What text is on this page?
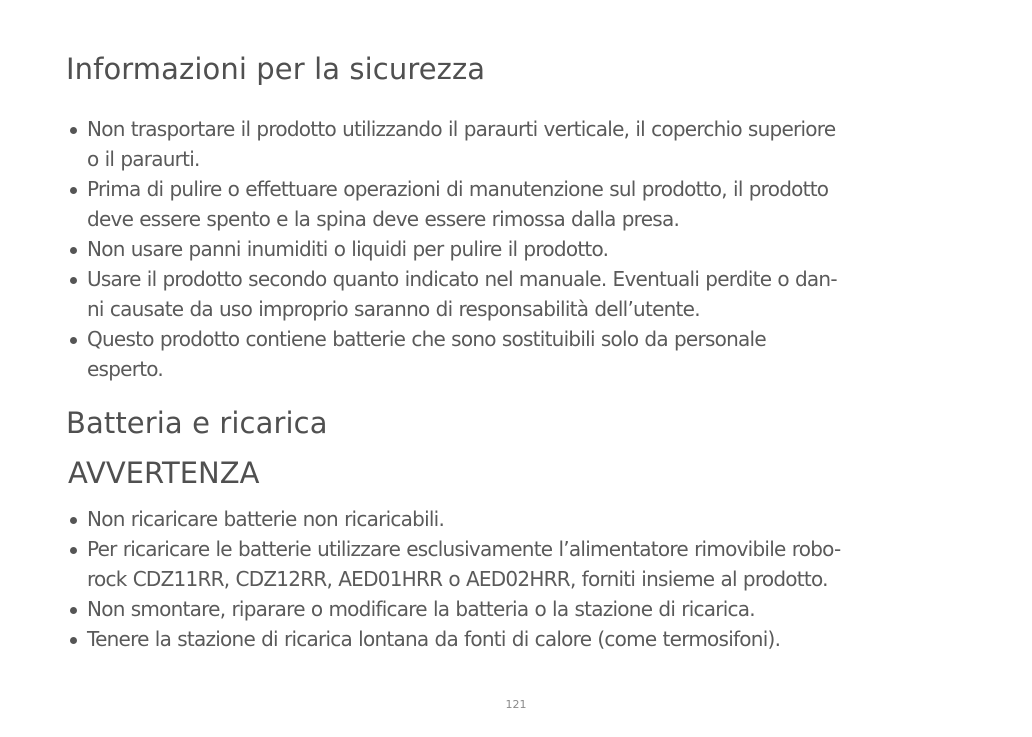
Informazioni per la sicurezza
Non trasportare il prodotto utilizzando il paraurti verticale, il coperchio superiore
o il paraurti.
Prima di pulire o effettuare operazioni di manutenzione sul prodotto, il prodotto
deve essere spento e la spina deve essere rimossa dalla presa.
Non usare panni inumiditi o liquidi per pulire il prodotto.
Usare il prodotto secondo quanto indicato nel manuale. Eventuali perdite o dan-
ni causate da uso improprio saranno di responsabilità dell’utente.
Questo prodotto contiene batterie che sono sostituibili solo da personale
esperto.
Batteria e ricarica
AVVERTENZA
Non ricaricare batterie non ricaricabili.
Per ricaricare le batterie utilizzare esclusivamente l’alimentatore rimovibile robo-
rock CDZ11RR, CDZ12RR, AED01HRR o AED02HRR, forniti insieme al prodotto.
Non smontare, riparare o modificare la batteria o la stazione di ricarica.
Tenere la stazione di ricarica lontana da fonti di calore (come termosifoni).
121
